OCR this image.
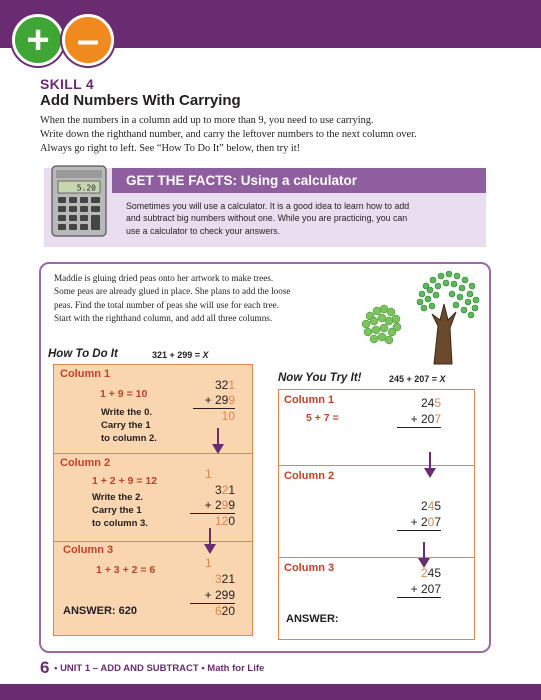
+ –
SKILL 4
Add Numbers With Carrying

When the numbers in a column add up to more than 9, you need to use carrying.

Write down the righthand number, and carry the leftover numbers to the next column over.

Always go right to left. See “How To Do It” below, then try it!

GET THE FACTS: Using a calculator

Sometimes you will use a calculator. It is a good idea to learn how to add

and subtract big numbers without one. While you are practicing, you can

use a calculator to check your answers.

5.20

Maddie is gluing dried peas onto her artwork to make trees.

Some peas are already glued in place. She plans to add the loose

peas. Find the total number of peas she will use for each tree.

Start with the righthand column, and add all three columns.

How To Do It	321 + 299 = X
Column 1
1 + 9 = 10
Write the 0.
Carry the 1
to column 2.
321
+ 299
10
Column 2
1 + 2 + 9 = 12
Write the 2.
Carry the 1
to column 3.
1
321
+ 299
120
Column 3
1 + 3 + 2 = 6	1
321
+ 299
620
ANSWER: 620
Now You Try It!	245 + 207 = X
Column 1
5 + 7 =
245
+ 207
Column 2
245
+ 207
Column 3	245
+ 207
ANSWER:
6 • UNIT 1 – ADD AND SUBTRACT • Math for Life
